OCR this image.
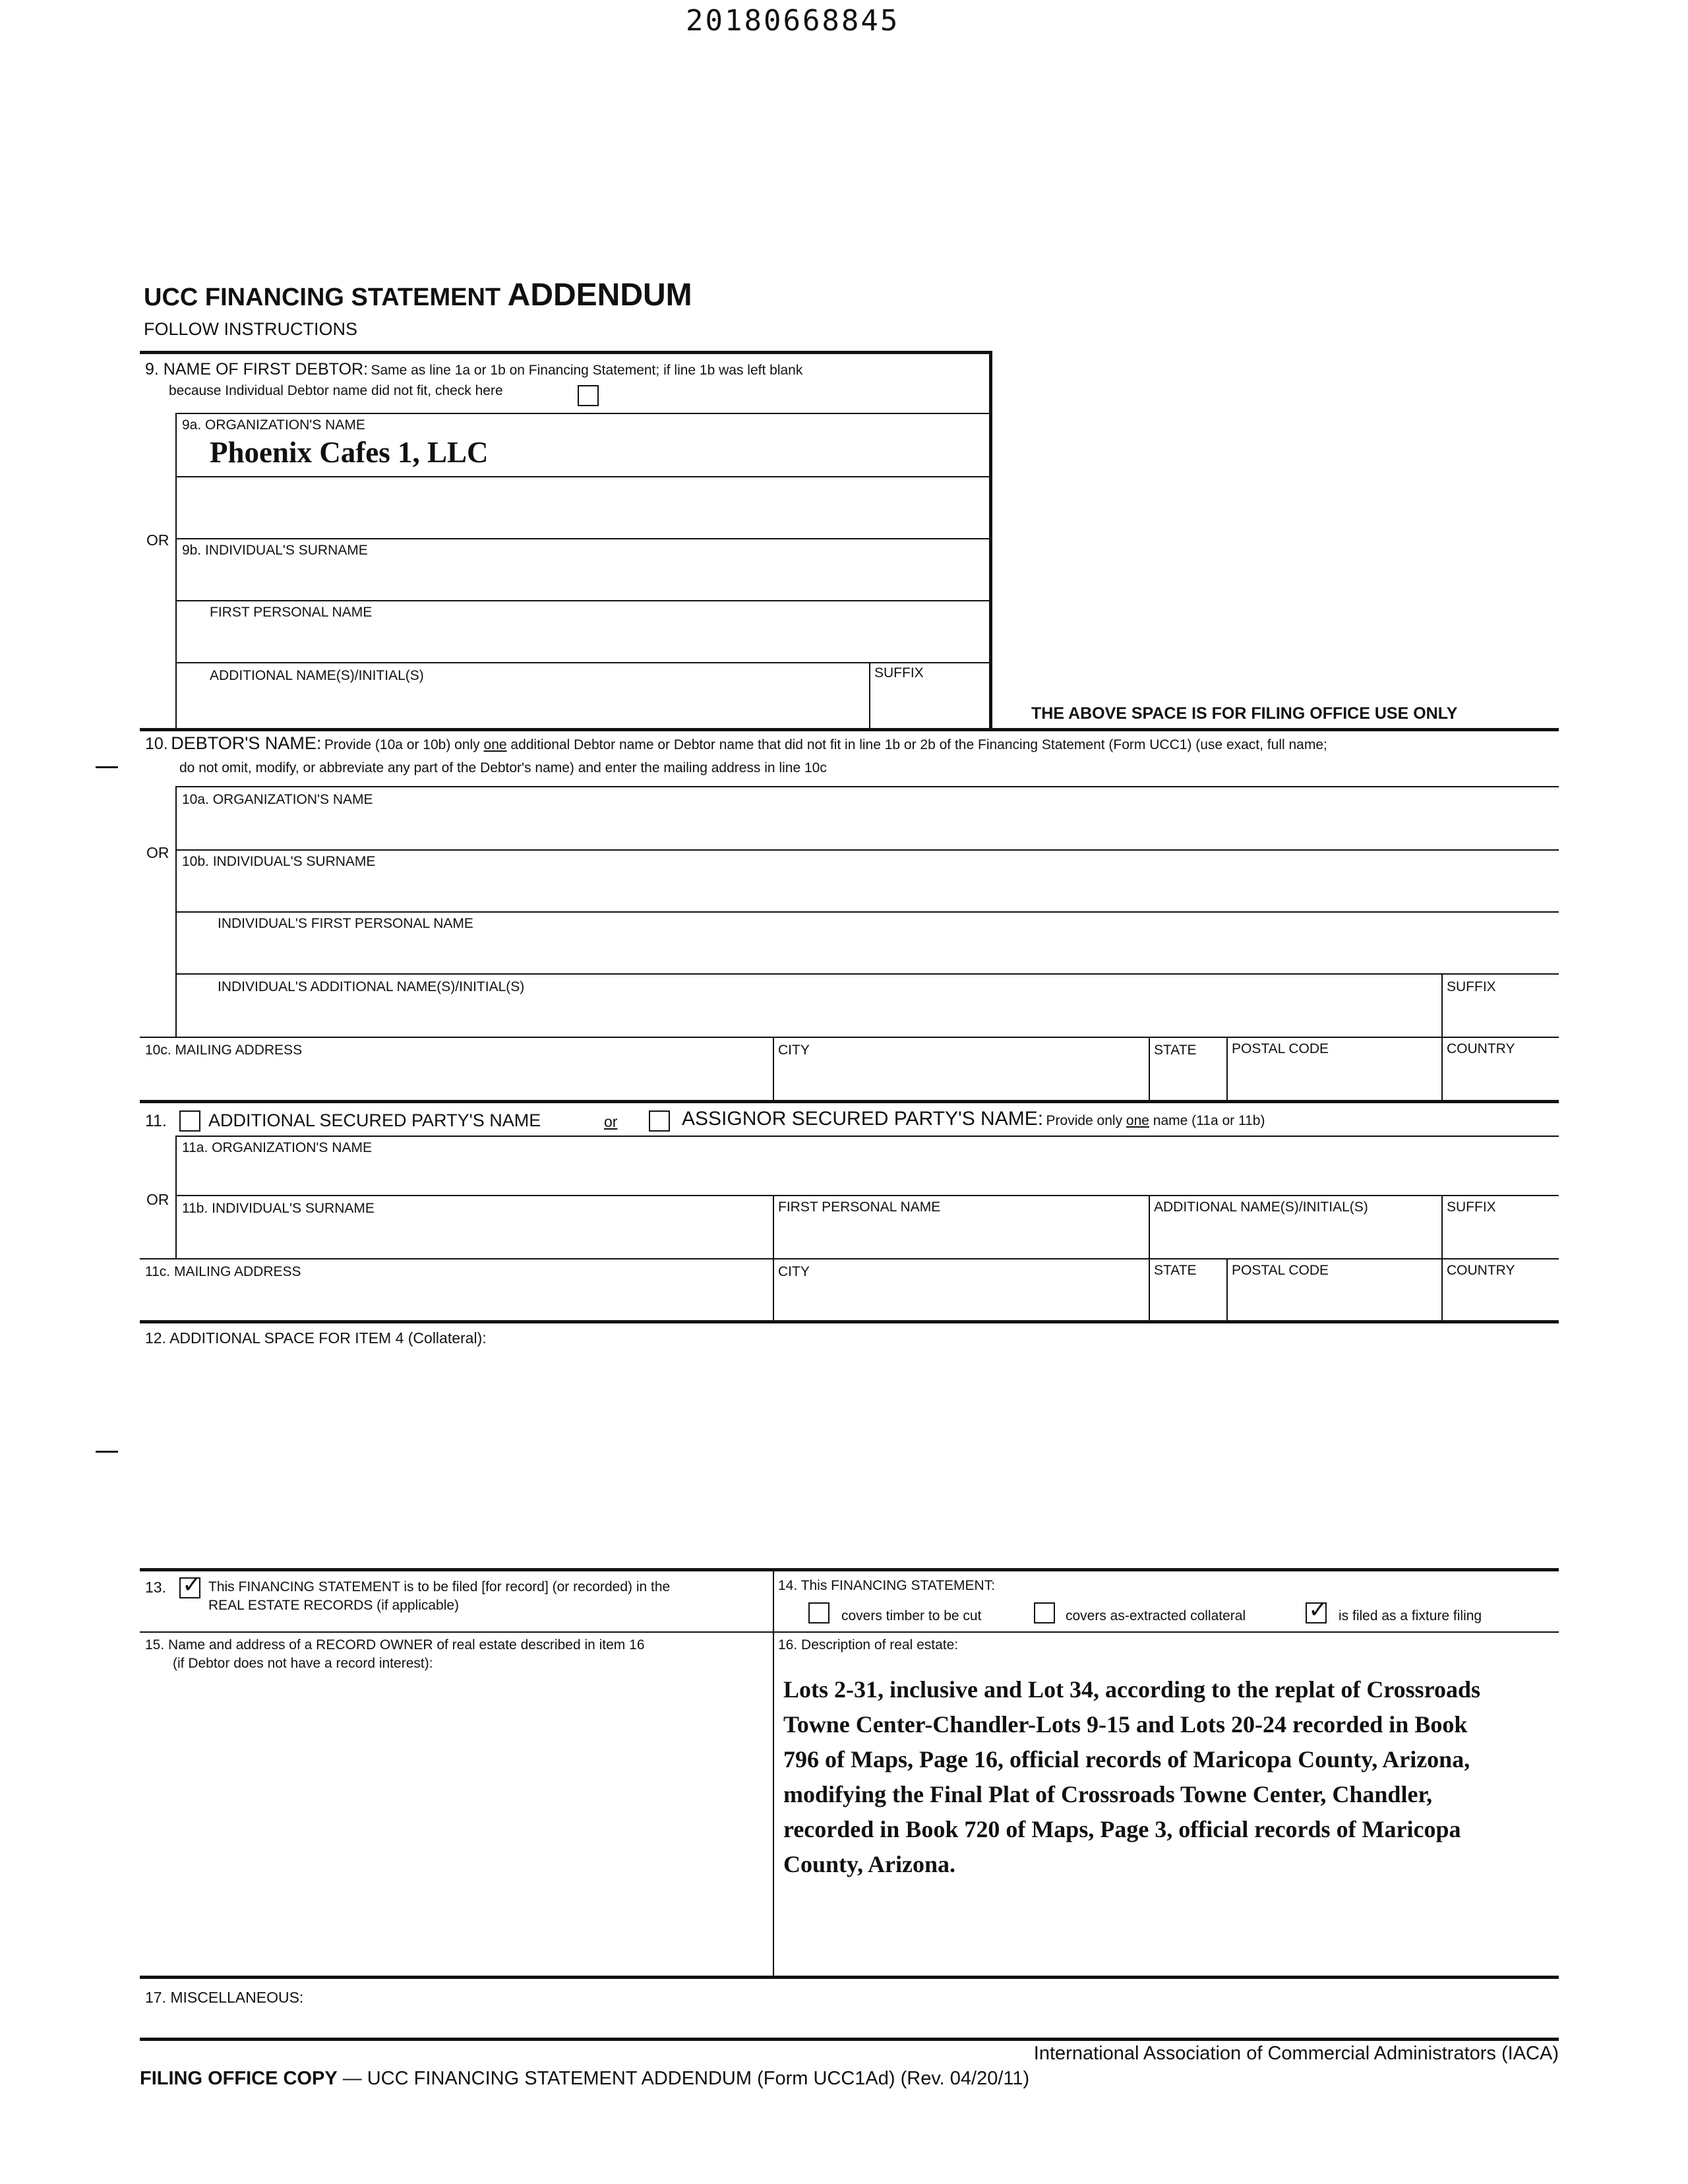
20180668845
UCC FINANCING STATEMENT ADDENDUM
FOLLOW INSTRUCTIONS
9. NAME OF FIRST DEBTOR: Same as line 1a or 1b on Financing Statement; if line 1b was left blank
because Individual Debtor name did not fit, check here
9a. ORGANIZATION'S NAME
Phoenix Cafes 1, LLC
OR
9b. INDIVIDUAL'S SURNAME
FIRST PERSONAL NAME
ADDITIONAL NAME(S)/INITIAL(S)	SUFFIX
THE ABOVE SPACE IS FOR FILING OFFICE USE ONLY
10. DEBTOR'S NAME: Provide (10a or 10b) only one additional Debtor name or Debtor name that did not fit in line 1b or 2b of the Financing Statement (Form UCC1) (use exact, full name;
do not omit, modify, or abbreviate any part of the Debtor's name) and enter the mailing address in line 10c
10a. ORGANIZATION'S NAME
OR
10b. INDIVIDUAL'S SURNAME
INDIVIDUAL'S FIRST PERSONAL NAME
INDIVIDUAL'S ADDITIONAL NAME(S)/INITIAL(S)	SUFFIX
10c. MAILING ADDRESS	CITY	STATE	POSTAL CODE	COUNTRY
11. ADDITIONAL SECURED PARTY'S NAME	or	ASSIGNOR SECURED PARTY'S NAME: Provide only one name (11a or 11b)
11a. ORGANIZATION'S NAME
OR
11b. INDIVIDUAL'S SURNAME	FIRST PERSONAL NAME	ADDITIONAL NAME(S)/INITIAL(S)	SUFFIX
11c. MAILING ADDRESS	CITY	STATE	POSTAL CODE	COUNTRY
12. ADDITIONAL SPACE FOR ITEM 4 (Collateral):
13. ✓ This FINANCING STATEMENT is to be filed [for record] (or recorded) in the
REAL ESTATE RECORDS (if applicable)
14. This FINANCING STATEMENT:
covers timber to be cut	covers as-extracted collateral	✓ is filed as a fixture filing
15. Name and address of a RECORD OWNER of real estate described in item 16
(if Debtor does not have a record interest):
16. Description of real estate:
Lots 2-31, inclusive and Lot 34, according to the replat of Crossroads
Towne Center-Chandler-Lots 9-15 and Lots 20-24 recorded in Book
796 of Maps, Page 16, official records of Maricopa County, Arizona,
modifying the Final Plat of Crossroads Towne Center, Chandler,
recorded in Book 720 of Maps, Page 3, official records of Maricopa
County, Arizona.
17. MISCELLANEOUS:
International Association of Commercial Administrators (IACA)
FILING OFFICE COPY — UCC FINANCING STATEMENT ADDENDUM (Form UCC1Ad) (Rev. 04/20/11)
